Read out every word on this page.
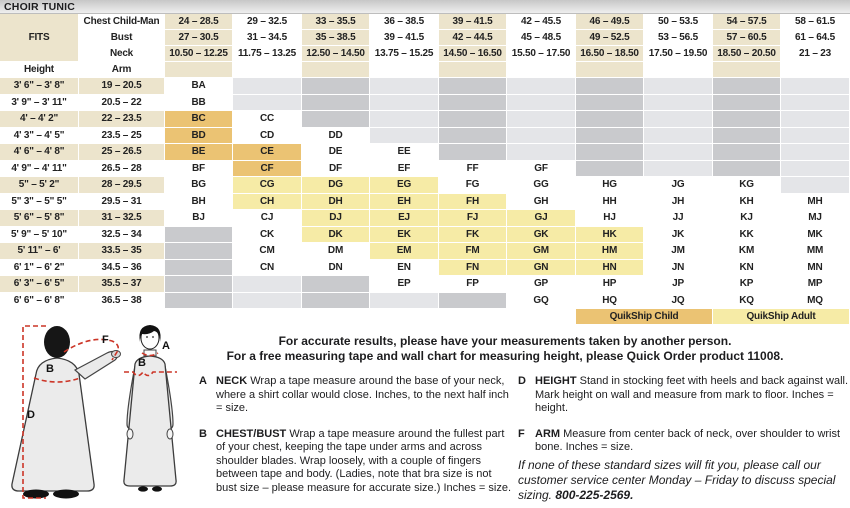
CHOIR TUNIC
FITS	Chest Child-Man	24 – 28.5	29 – 32.5	33 – 35.5	36 – 38.5	39 – 41.5	42 – 45.5	46 – 49.5	50 – 53.5	54 – 57.5	58 – 61.5
	Bust	27 – 30.5	31 – 34.5	35 – 38.5	39 – 41.5	42 – 44.5	45 – 48.5	49 – 52.5	53 – 56.5	57 – 60.5	61 – 64.5
	Neck	10.50 – 12.25	11.75 – 13.25	12.50 – 14.50	13.75 – 15.25	14.50 – 16.50	15.50 – 17.50	16.50 – 18.50	17.50 – 19.50	18.50 – 20.50	21 – 23
Height	Arm										
3' 6" – 3' 8"	19 – 20.5	BA									
3' 9" – 3' 11"	20.5 – 22	BB									
4' – 4' 2"	22 – 23.5	BC	CC								
4' 3" – 4' 5"	23.5 – 25	BD	CD	DD							
4' 6" – 4' 8"	25 – 26.5	BE	CE	DE	EE						
4' 9" – 4' 11"	26.5 – 28	BF	CF	DF	EF	FF	GF				
5" – 5' 2"	28 – 29.5	BG	CG	DG	EG	FG	GG	HG	JG	KG	
5" 3" – 5" 5"	29.5 – 31	BH	CH	DH	EH	FH	GH	HH	JH	KH	MH
5' 6" – 5' 8"	31 – 32.5	BJ	CJ	DJ	EJ	FJ	GJ	HJ	JJ	KJ	MJ
5' 9" – 5' 10"	32.5 – 34		CK	DK	EK	FK	GK	HK	JK	KK	MK
5' 11" – 6'	33.5 – 35		CM	DM	EM	FM	GM	HM	JM	KM	MM
6' 1" – 6' 2"	34.5 – 36		CN	DN	EN	FN	GN	HN	JN	KN	MN
6' 3" – 6' 5"	35.5 – 37				EP	FP	GP	HP	JP	KP	MP
6' 6" – 6' 8"	36.5 – 38						GQ	HQ	JQ	KQ	MQ
								QuikShip Child		QuikShip Adult	
D
B
F	A
B
For accurate results, please have your measurements taken by another person.
For a free measuring tape and wall chart for measuring height, please Quick Order product 11008.
A NECK Wrap a tape measure around the base of your neck, where a shirt collar would close. Inches, to the next half inch = size.
B CHEST/BUST Wrap a tape measure around the fullest part of your chest, keeping the tape under arms and across shoulder blades. Wrap loosely, with a couple of fingers between tape and body. (Ladies, note that bra size is not bust size – please measure for accurate size.) Inches = size.
D HEIGHT Stand in stocking feet with heels and back against wall. Mark height on wall and measure from mark to floor. Inches = height.
F ARM Measure from center back of neck, over shoulder to wrist bone. Inches = size.
If none of these standard sizes will fit you, please call our customer service center Monday – Friday to discuss special sizing. 800-225-2569.
